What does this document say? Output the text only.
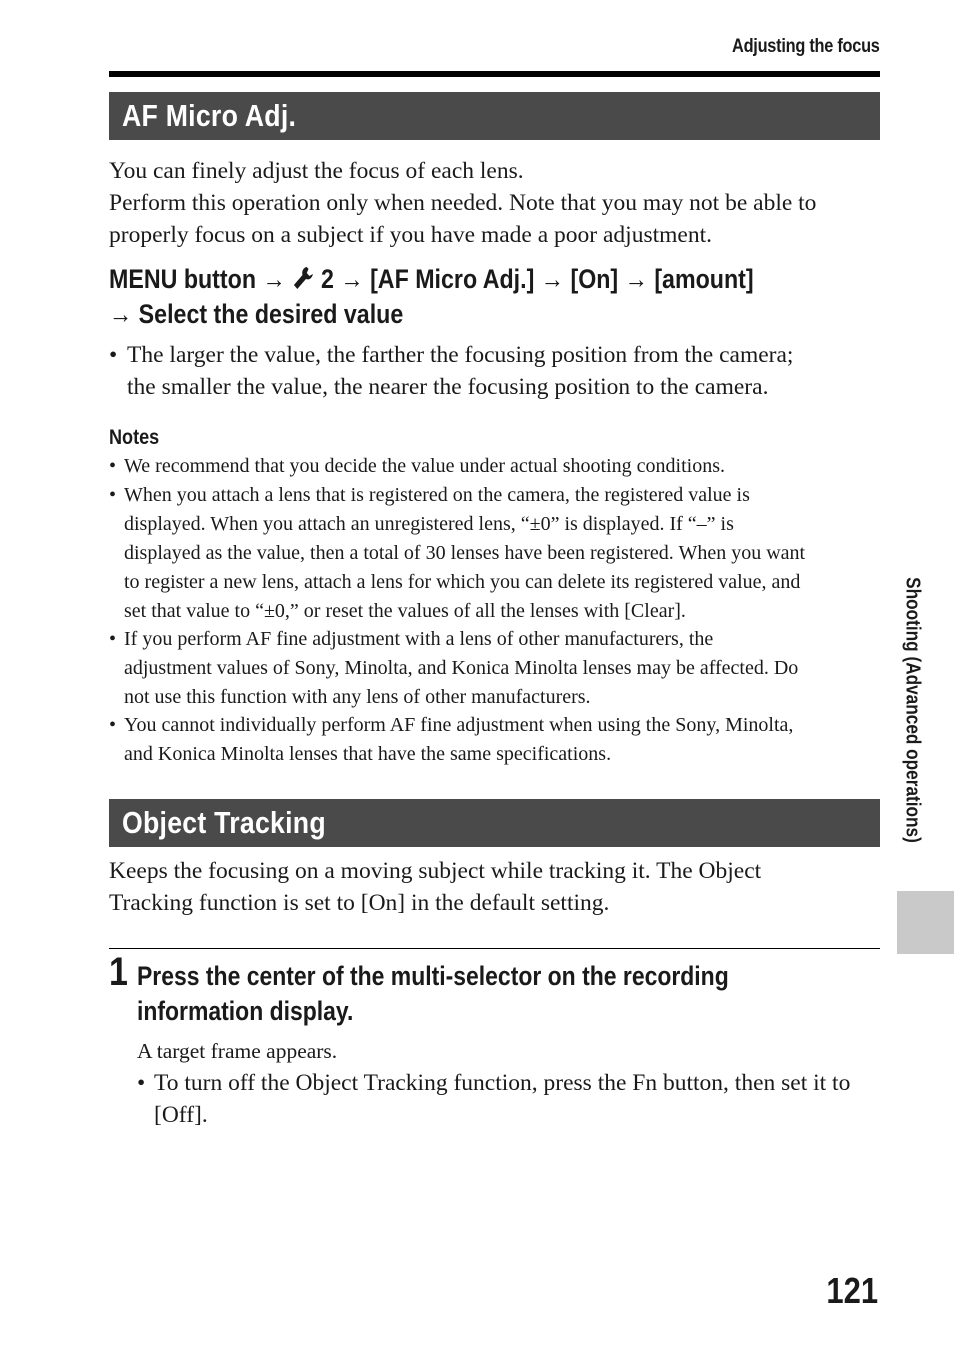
Adjusting the focus
AF Micro Adj.
You can finely adjust the focus of each lens.
Perform this operation only when needed. Note that you may not be able to
properly focus on a subject if you have made a poor adjustment.
MENU button → 2 → [AF Micro Adj.] → [On] → [amount]
→ Select the desired value
• The larger the value, the farther the focusing position from the camera;
the smaller the value, the nearer the focusing position to the camera.
Notes
• We recommend that you decide the value under actual shooting conditions.
• When you attach a lens that is registered on the camera, the registered value is
displayed. When you attach an unregistered lens, “±0” is displayed. If “–” is
displayed as the value, then a total of 30 lenses have been registered. When you want
to register a new lens, attach a lens for which you can delete its registered value, and
set that value to “±0,” or reset the values of all the lenses with [Clear].
• If you perform AF fine adjustment with a lens of other manufacturers, the
adjustment values of Sony, Minolta, and Konica Minolta lenses may be affected. Do
not use this function with any lens of other manufacturers.
• You cannot individually perform AF fine adjustment when using the Sony, Minolta,
and Konica Minolta lenses that have the same specifications.
Object Tracking
Keeps the focusing on a moving subject while tracking it. The Object
Tracking function is set to [On] in the default setting.
1 Press the center of the multi-selector on the recording
information display.
A target frame appears.
• To turn off the Object Tracking function, press the Fn button, then set it to
[Off].
Shooting (Advanced operations)
121
